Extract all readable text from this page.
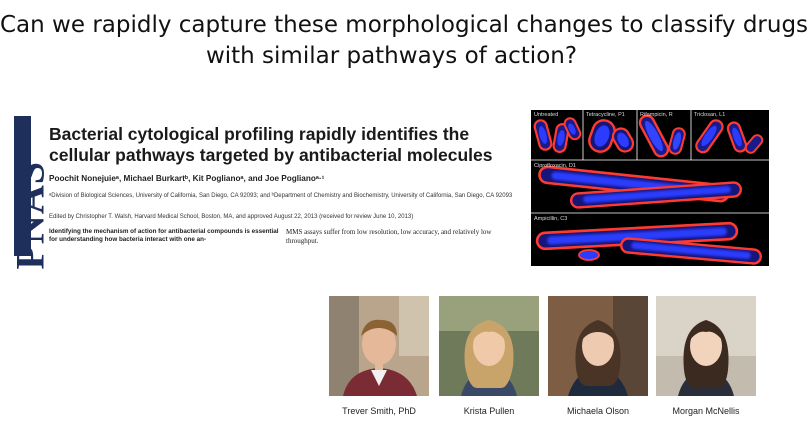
Can we rapidly capture these morphological changes to classify drugs
with similar pathways of action?
PNAS
Bacterial cytological profiling rapidly identifies the cellular pathways targeted by antibacterial molecules
Poochit Nonejuieᵃ, Michael Burkartᵇ, Kit Poglianoᵃ, and Joe Poglianoᵃ·¹
ᵃDivision of Biological Sciences, University of California, San Diego, CA 92093; and ᵇDepartment of Chemistry and Biochemistry, University of California, San Diego, CA 92093
Edited by Christopher T. Walsh, Harvard Medical School, Boston, MA, and approved August 22, 2013 (received for review June 10, 2013)
Identifying the mechanism of action for antibacterial compounds is essential for understanding how bacteria interact with one an-
MMS assays suffer from low resolution, low accuracy, and relatively low throughput.
Untreated	Tetracycline, P1	Rifampicin, R	Triclosan, L1
Ciprofloxacin, D1
Ampicillin, C3
Trever Smith, PhD	Krista Pullen	Michaela Olson	Morgan McNellis
